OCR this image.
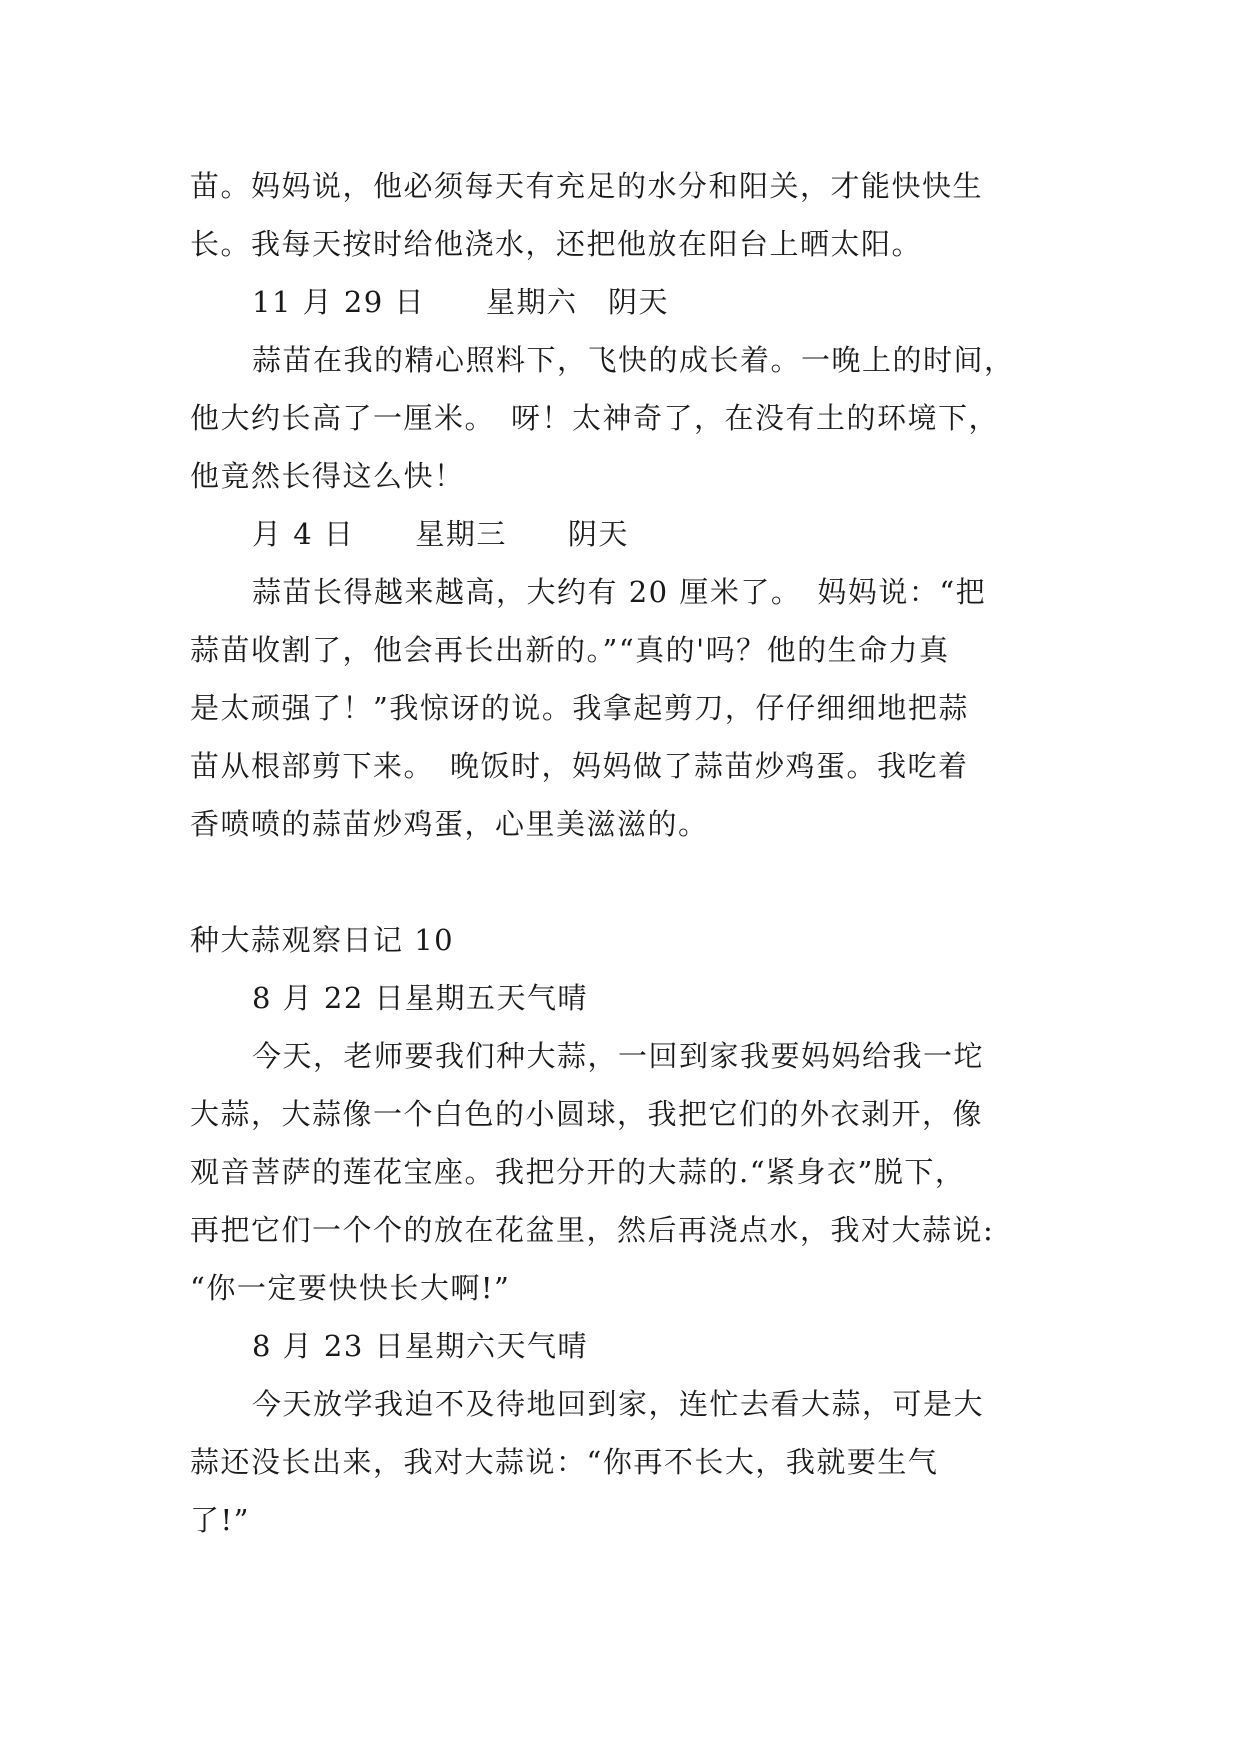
苗。妈妈说，他必须每天有充足的水分和阳关，才能快快生
长。我每天按时给他浇水，还把他放在阳台上晒太阳。
11 月 29 日　　星期六　阴天
蒜苗在我的精心照料下，飞快的成长着。一晚上的时间，
他大约长高了一厘米。　呀！太神奇了，在没有土的环境下，
他竟然长得这么快！
月 4 日　　星期三　　阴天
蒜苗长得越来越高，大约有 20 厘米了。　妈妈说：“把
蒜苗收割了，他会再长出新的。”“真的'吗？他的生命力真
是太顽强了！”我惊讶的说。我拿起剪刀，仔仔细细地把蒜
苗从根部剪下来。　晚饭时，妈妈做了蒜苗炒鸡蛋。我吃着
香喷喷的蒜苗炒鸡蛋，心里美滋滋的。
种大蒜观察日记 10
8 月 22 日星期五天气晴
今天，老师要我们种大蒜，一回到家我要妈妈给我一坨
大蒜，大蒜像一个白色的小圆球，我把它们的外衣剥开，像
观音菩萨的莲花宝座。我把分开的大蒜的.“紧身衣”脱下，
再把它们一个个的放在花盆里，然后再浇点水，我对大蒜说:
“你一定要快快长大啊!”
8 月 23 日星期六天气晴
今天放学我迫不及待地回到家，连忙去看大蒜，可是大
蒜还没长出来，我对大蒜说：“你再不长大，我就要生气
了!”
